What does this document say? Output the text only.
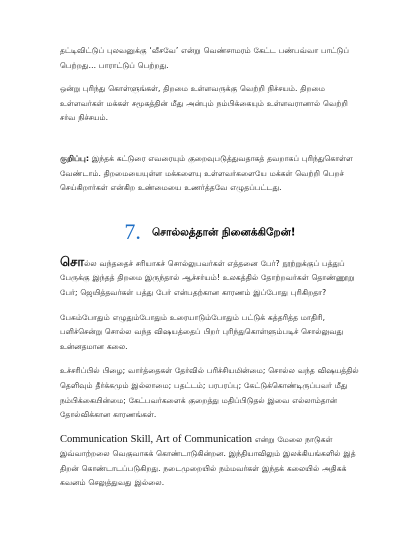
தட்டிவிட்டுப் புலவனுக்கு ‘வீசவே’ என்று வெண்சாமரம் கேட்ட பண்பவ்வா பாட்டுப் பெற்றது… பாராட்டுப் பெற்றது.

ஒன்று புரிந்து கொள்ளுங்கள், திறமை உள்ளவருக்கு வெற்றி நிச்சயம். திறமை உள்ளவர்கள் மக்கள் சமூகத்தின் மீது அன்பும் நம்பிக்கையும் உள்ளவரானால் வெற்றி சர்வ நிச்சயம்.

குறிப்பு: இந்தக் கட்டுரை எவரையும் குறைவுபடுத்துவதாகத் தவறாகப் புரிந்துகொள்ள வேண்டாம். திறமையையுள்ள மக்களையு உள்ளவர்களையே மக்கள் வெற்றி பெறச் செய்கிறார்கள் என்கிற உண்மையை உணர்த்தவே எழுதப்பட்டது.

7. சொல்லத்தான் நினைக்கிறேன்!

சொல்ல வந்ததைச் சரியாகச் சொல்லுபவர்கள் எத்தனை பேர்? நூற்றுக்குப் பத்துப் பேருக்கு இந்தத் திறமை இருந்தால் ஆச்சர்யம்! உலகத்தில் தோற்றவர்கள் தொண்ணூறு பேர்; ஜெயித்தவர்கள் பத்து பேர் என்பதற்கான காரணம் இப்போது புரிகிறதா?

பேசும்போதும் எழுதும்போதும் உரையாடும்போதும் பட்டுக் கத்தரித்த மாதிரி, பளிச்சென்று சொல்ல வந்த விஷயத்தைப் பிறர் புரிந்துகொள்ளும்படிச் சொல்லுவது உன்னதமான கலை.

உச்சரிப்பில் பிழை; வார்த்தைகள் தேர்வில் பரிச்சியமின்மை; சொல்ல வந்த விஷயத்தில் தெளிவும் தீர்க்கமும் இல்லாமை; பதட்டம்; பரபரப்பு; கேட்டுக்கொண்டிருப்பவர் மீது நம்பிக்கையின்மை; கேட்பவர்களைக் குறைத்து மதிப்பிடுதல் இவை எல்லாம்தான் தோல்விக்கான காரணங்கள்.

Communication Skill, Art of Communication என்று மேலை நாடுகள் இவ்வாற்றலை வெகுவாகக் கொண்டாடுகின்றன. இந்தியாவிலும் இலக்கியங்களில் இத் திறன் கொண்டாடப்படுகிறது. நடைமுறையில் நம்மவர்கள் இந்தக் கலையில் அதிகக் கவனம் செலுத்துவது இல்லை.
